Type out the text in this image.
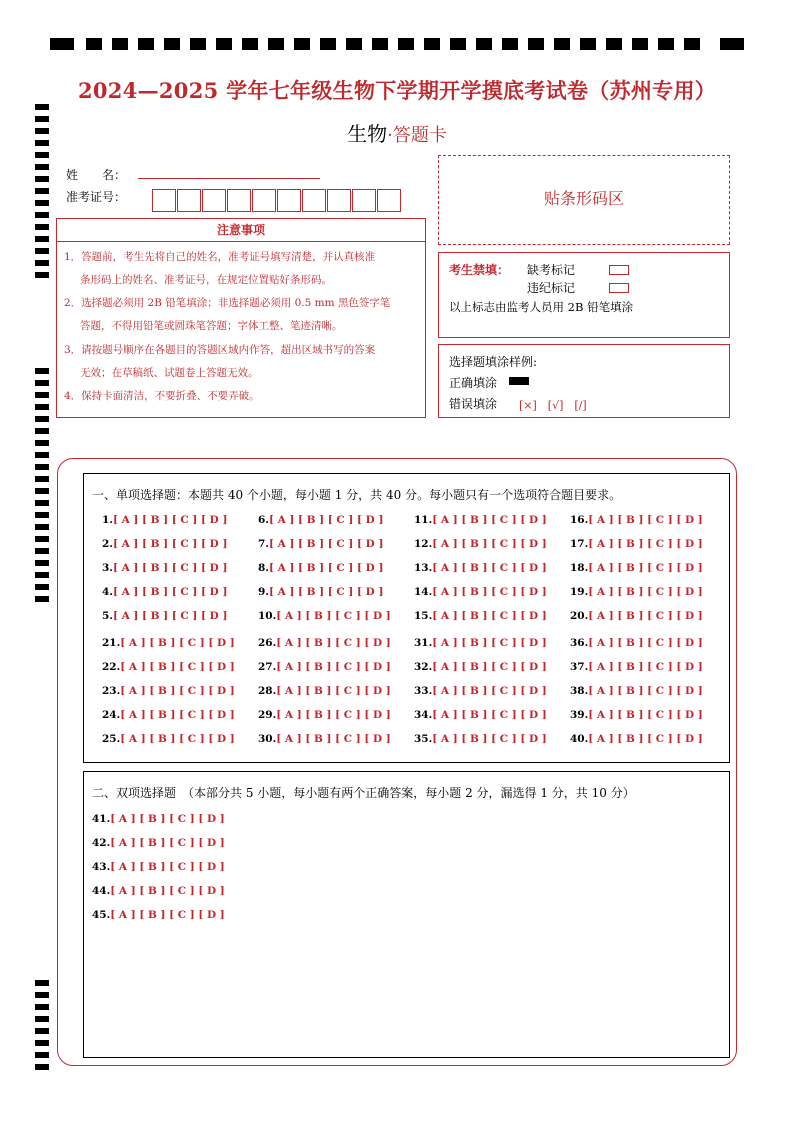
2024—2025 学年七年级生物下学期开学摸底考试卷（苏州专用）
生物·答题卡
姓　　名：
准考证号：
注意事项
1．答题前，考生先将自己的姓名，准考证号填写清楚，并认真核准
条形码上的姓名、准考证号，在规定位置贴好条形码。
2．选择题必须用 2B 铅笔填涂；非选择题必须用 0.5 mm 黑色签字笔
答题，不得用铅笔或圆珠笔答题；字体工整、笔迹清晰。
3．请按题号顺序在各题目的答题区域内作答，超出区域书写的答案
无效；在草稿纸、试题卷上答题无效。
4．保持卡面清洁，不要折叠、不要弄破。
贴条形码区
考生禁填： 缺考标记
违纪标记
以上标志由监考人员用 2B 铅笔填涂
选择题填涂样例:
正确填涂
错误填涂 [×]　[√]　[/]
一、单项选择题：本题共 40 个小题，每小题 1 分，共 40 分。每小题只有一个选项符合题目要求。
1.[ A ] [ B ] [ C ] [ D ]
2.[ A ] [ B ] [ C ] [ D ]
3.[ A ] [ B ] [ C ] [ D ]
4.[ A ] [ B ] [ C ] [ D ]
5.[ A ] [ B ] [ C ] [ D ]
6.[ A ] [ B ] [ C ] [ D ]
7.[ A ] [ B ] [ C ] [ D ]
8.[ A ] [ B ] [ C ] [ D ]
9.[ A ] [ B ] [ C ] [ D ]
10.[ A ] [ B ] [ C ] [ D ]
11.[ A ] [ B ] [ C ] [ D ]
12.[ A ] [ B ] [ C ] [ D ]
13.[ A ] [ B ] [ C ] [ D ]
14.[ A ] [ B ] [ C ] [ D ]
15.[ A ] [ B ] [ C ] [ D ]
16.[ A ] [ B ] [ C ] [ D ]
17.[ A ] [ B ] [ C ] [ D ]
18.[ A ] [ B ] [ C ] [ D ]
19.[ A ] [ B ] [ C ] [ D ]
20.[ A ] [ B ] [ C ] [ D ]
21.[ A ] [ B ] [ C ] [ D ]
22.[ A ] [ B ] [ C ] [ D ]
23.[ A ] [ B ] [ C ] [ D ]
24.[ A ] [ B ] [ C ] [ D ]
25.[ A ] [ B ] [ C ] [ D ]
26.[ A ] [ B ] [ C ] [ D ]
27.[ A ] [ B ] [ C ] [ D ]
28.[ A ] [ B ] [ C ] [ D ]
29.[ A ] [ B ] [ C ] [ D ]
30.[ A ] [ B ] [ C ] [ D ]
31.[ A ] [ B ] [ C ] [ D ]
32.[ A ] [ B ] [ C ] [ D ]
33.[ A ] [ B ] [ C ] [ D ]
34.[ A ] [ B ] [ C ] [ D ]
35.[ A ] [ B ] [ C ] [ D ]
36.[ A ] [ B ] [ C ] [ D ]
37.[ A ] [ B ] [ C ] [ D ]
38.[ A ] [ B ] [ C ] [ D ]
39.[ A ] [ B ] [ C ] [ D ]
40.[ A ] [ B ] [ C ] [ D ]
二、双项选择题　（本部分共 5 小题，每小题有两个正确答案，每小题 2 分，漏选得 1 分，共 10 分）
41.[ A ] [ B ] [ C ] [ D ]
42.[ A ] [ B ] [ C ] [ D ]
43.[ A ] [ B ] [ C ] [ D ]
44.[ A ] [ B ] [ C ] [ D ]
45.[ A ] [ B ] [ C ] [ D ]
